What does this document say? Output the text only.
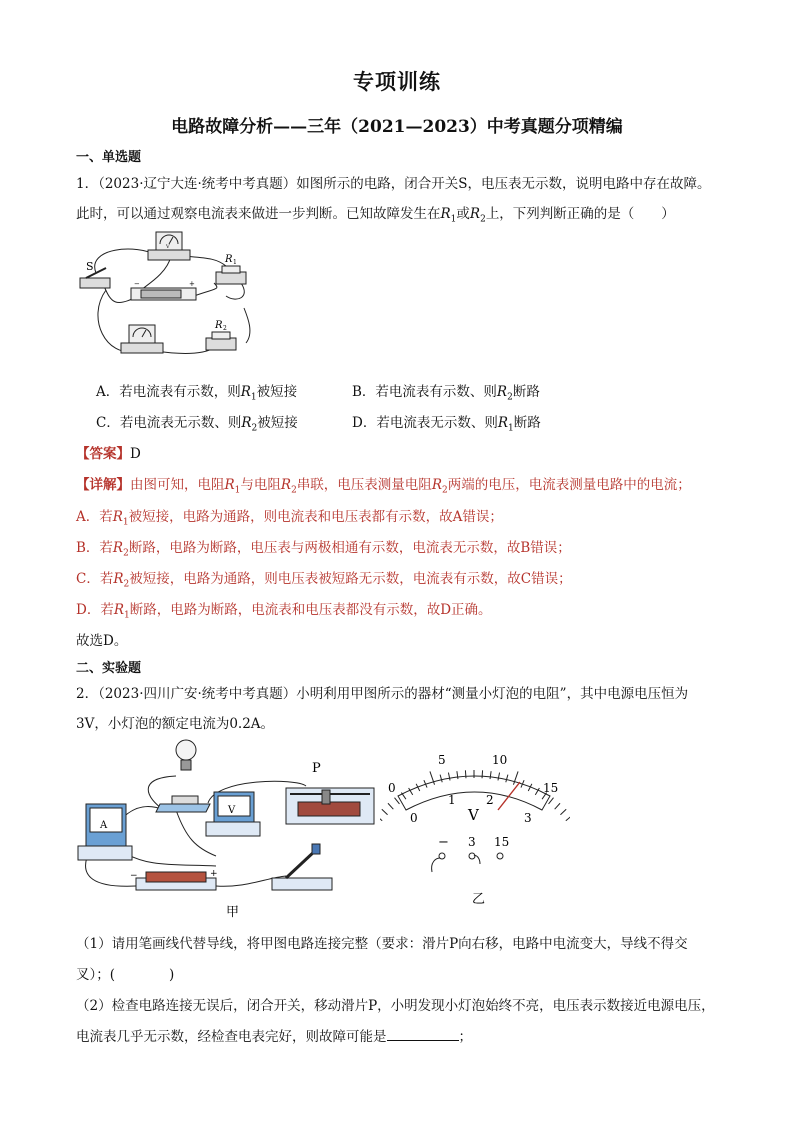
专项训练
电路故障分析——三年（2021—2023）中考真题分项精编
一、单选题
1．（2023·辽宁大连·统考中考真题）如图所示的电路，闭合开关S，电压表无示数，说明电路中存在故障。
此时，可以通过观察电流表来做进一步判断。已知故障发生在$R_1$或$R_2$上，下列判断正确的是（　　）
V
S
−	+
R 1
R 2
A．若电流表有示数，则$R_1$被短接	B．若电流表有示数、则$R_2$断路
C．若电流表无示数、则$R_2$被短接	D．若电流表无示数、则$R_1$断路
【答案】D
【详解】由图可知，电阻$R_1$与电阻$R_2$串联，电压表测量电阻$R_2$两端的电压，电流表测量电路中的电流；
A．若$R_1$被短接，电路为通路，则电流表和电压表都有示数，故A错误；
B．若$R_2$断路，电路为断路，电压表与两极相通有示数，电流表无示数，故B错误；
C．若$R_2$被短接，电路为通路，则电压表被短路无示数，电流表有示数，故C错误；
D．若$R_1$断路，电路为断路，电流表和电压表都没有示数，故D正确。
故选D。
二、实验题
2．（2023·四川广安·统考中考真题）小明利用甲图所示的器材“测量小灯泡的电阻”，其中电源电压恒为
3V，小灯泡的额定电流为0.2A。
P
A
V
−	+
甲
0
5	10
15
0
1	2
3
V
− 3 15
乙
（1）请用笔画线代替导线，将甲图电路连接完整（要求：滑片P向右移，电路中电流变大，导线不得交
叉）；(　　　　)
（2）检查电路连接无误后，闭合开关，移动滑片P，小明发现小灯泡始终不亮，电压表示数接近电源电压，
电流表几乎无示数，经检查电表完好，则故障可能是	；
